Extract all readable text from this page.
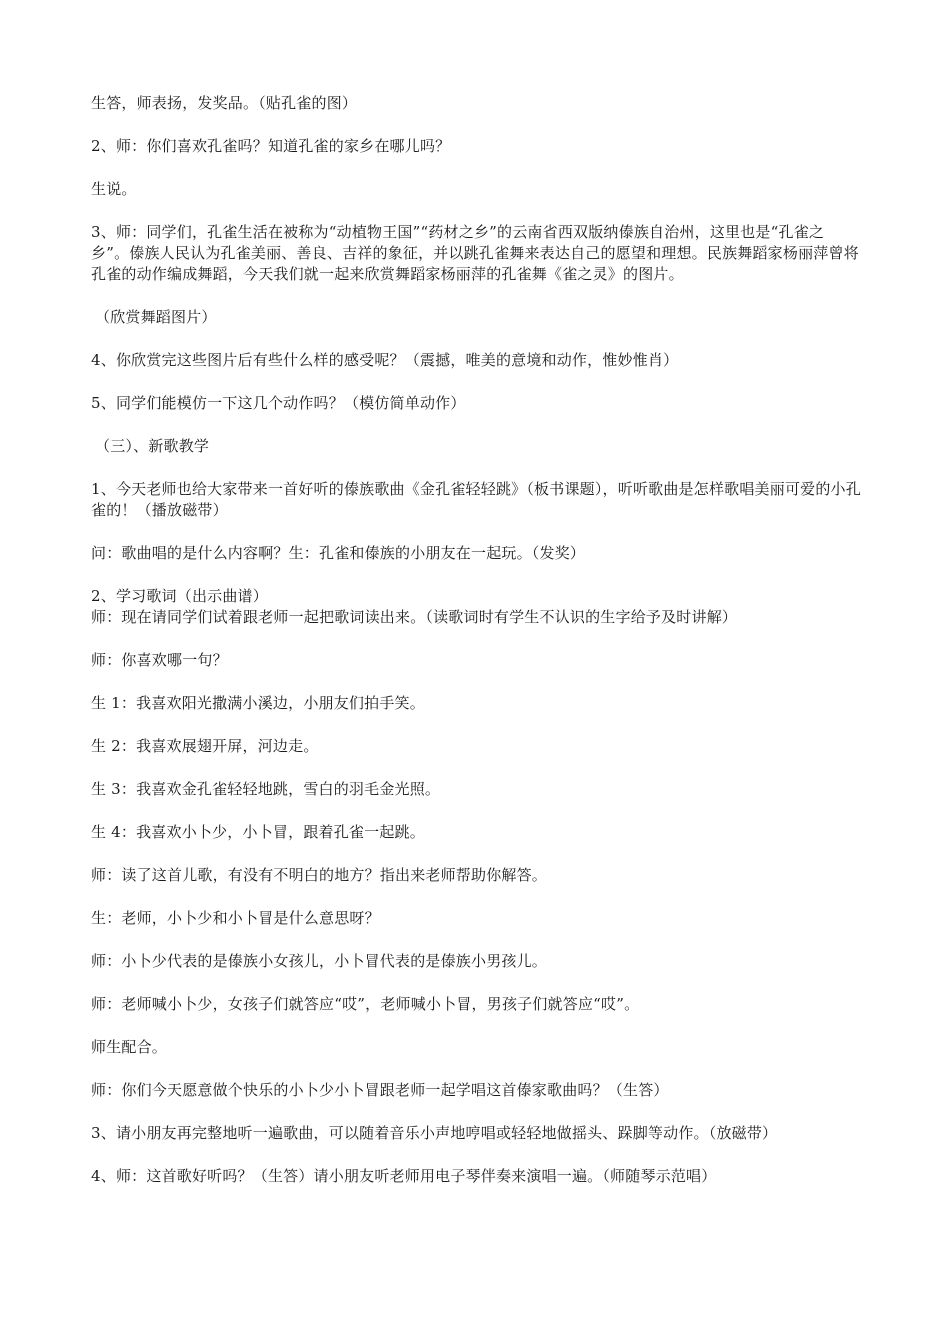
生答，师表扬，发奖品。（贴孔雀的图）

2、师：你们喜欢孔雀吗？知道孔雀的家乡在哪儿吗？

生说。

3、师：同学们，孔雀生活在被称为“动植物王国”“药材之乡”的云南省西双版纳傣族自治州，这里也是“孔雀之乡”。傣族人民认为孔雀美丽、善良、吉祥的象征，并以跳孔雀舞来表达自己的愿望和理想。民族舞蹈家杨丽萍曾将孔雀的动作编成舞蹈，今天我们就一起来欣赏舞蹈家杨丽萍的孔雀舞《雀之灵》的图片。

（欣赏舞蹈图片）

4、你欣赏完这些图片后有些什么样的感受呢？（震撼，唯美的意境和动作，惟妙惟肖）

5、同学们能模仿一下这几个动作吗？（模仿简单动作）

（三）、新歌教学

1、今天老师也给大家带来一首好听的傣族歌曲《金孔雀轻轻跳》（板书课题），听听歌曲是怎样歌唱美丽可爱的小孔雀的！（播放磁带）

问：歌曲唱的是什么内容啊？生：孔雀和傣族的小朋友在一起玩。（发奖）

2、学习歌词（出示曲谱）

师：现在请同学们试着跟老师一起把歌词读出来。（读歌词时有学生不认识的生字给予及时讲解）

师：你喜欢哪一句？

生 1：我喜欢阳光撒满小溪边，小朋友们拍手笑。

生 2：我喜欢展翅开屏，河边走。

生 3：我喜欢金孔雀轻轻地跳，雪白的羽毛金光照。

生 4：我喜欢小卜少，小卜冒，跟着孔雀一起跳。

师：读了这首儿歌，有没有不明白的地方？指出来老师帮助你解答。

生：老师，小卜少和小卜冒是什么意思呀？

师：小卜少代表的是傣族小女孩儿，小卜冒代表的是傣族小男孩儿。

师：老师喊小卜少，女孩子们就答应“哎”，老师喊小卜冒，男孩子们就答应“哎”。

师生配合。

师：你们今天愿意做个快乐的小卜少小卜冒跟老师一起学唱这首傣家歌曲吗？（生答）

3、请小朋友再完整地听一遍歌曲，可以随着音乐小声地哼唱或轻轻地做摇头、跺脚等动作。（放磁带）

4、师：这首歌好听吗？（生答）请小朋友听老师用电子琴伴奏来演唱一遍。（师随琴示范唱）
